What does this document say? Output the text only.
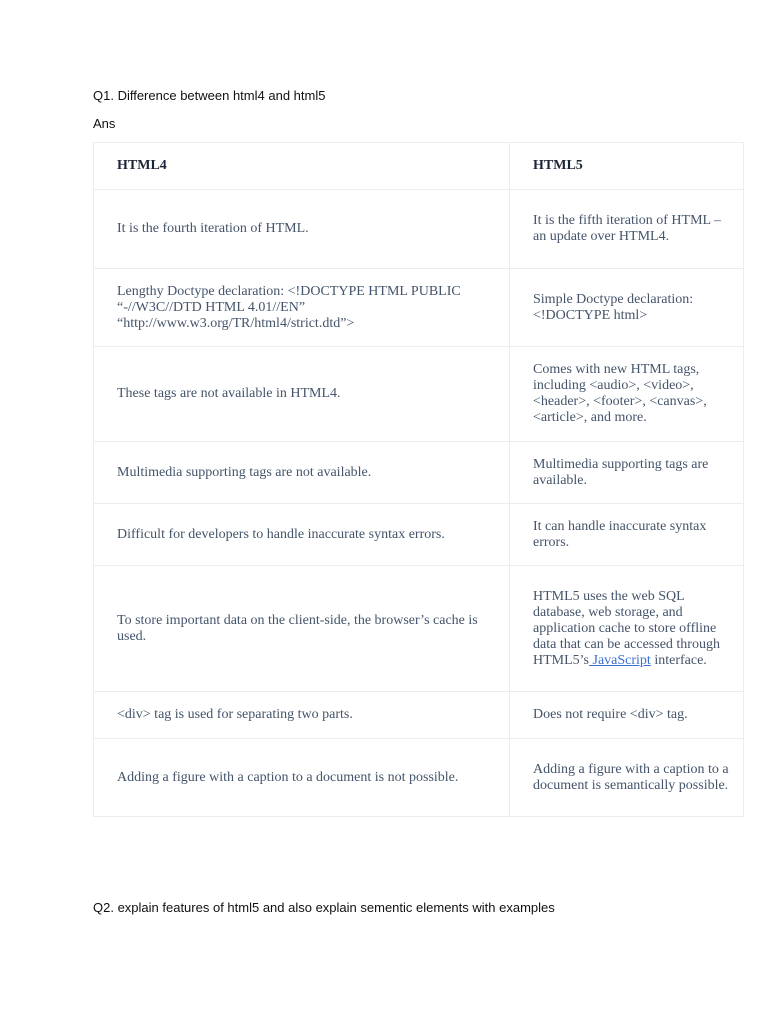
Q1. Difference between html4 and html5
Ans
HTML4	HTML5
It is the fourth iteration of HTML.	It is the fifth iteration of HTML – an update over HTML4.
Lengthy Doctype declaration: <!DOCTYPE HTML PUBLIC “-//W3C//DTD HTML 4.01//EN” “http://www.w3.org/TR/html4/strict.dtd”>	Simple Doctype declaration: <!DOCTYPE html>
These tags are not available in HTML4.	Comes with new HTML tags, including <audio>, <video>, <header>, <footer>, <canvas>, <article>, and more.
Multimedia supporting tags are not available.	Multimedia supporting tags are available.
Difficult for developers to handle inaccurate syntax errors.	It can handle inaccurate syntax errors.
To store important data on the client-side, the browser’s cache is used.	HTML5 uses the web SQL database, web storage, and application cache to store offline data that can be accessed through HTML5’s JavaScript interface.
<div> tag is used for separating two parts.	Does not require <div> tag.
Adding a figure with a caption to a document is not possible.	Adding a figure with a caption to a document is semantically possible.
Q2. explain features of html5 and also explain sementic elements with examples
